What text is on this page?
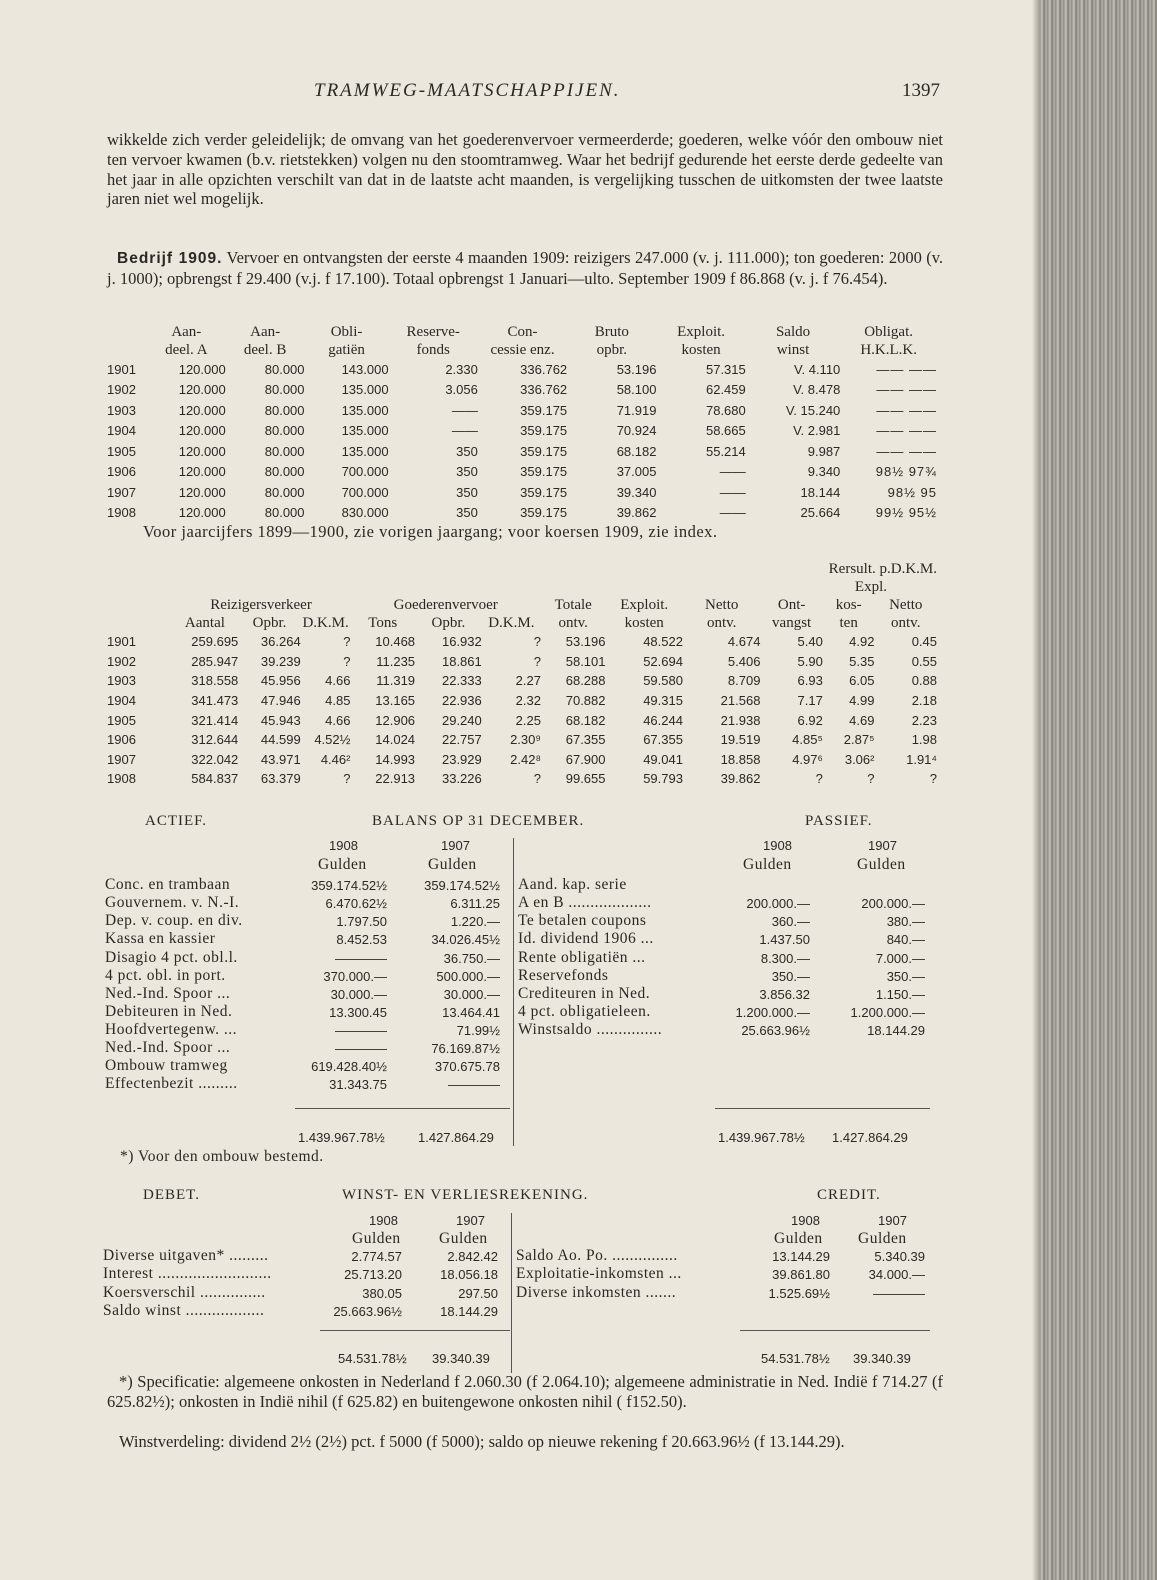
TRAMWEG-MAATSCHAPPIJEN.	1397

wikkelde zich verder geleidelijk; de omvang van het goederenvervoer vermeerderde; goederen, welke vóór den ombouw niet ten vervoer kwamen (b.v. rietstekken) volgen nu den stoomtramweg. Waar het bedrijf gedurende het eerste derde gedeelte van het jaar in alle opzichten verschilt van dat in de laatste acht maanden, is vergelijking tusschen de uitkomsten der twee laatste jaren niet wel mogelijk.

Bedrijf 1909. Vervoer en ontvangsten der eerste 4 maanden 1909: reizigers 247.000 (v. j. 111.000); ton goederen: 2000 (v. j. 1000); opbrengst f 29.400 (v.j. f 17.100). Totaal opbrengst 1 Januari—ulto. September 1909 f 86.868 (v. j. f 76.454).

	Aan-	Aan-	Obli-	Reserve-	Con-	Bruto	Exploit.	Saldo	Obligat.
	deel. A	deel. B	gatiën	fonds	cessie enz.	opbr.	kosten	winst	H.K.L.K.
1901	120.000	80.000	143.000	2.330	336.762	53.196	57.315	V. 4.110	—— ——
1902	120.000	80.000	135.000	3.056	336.762	58.100	62.459	V. 8.478	—— ——
1903	120.000	80.000	135.000	——	359.175	71.919	78.680	V. 15.240	—— ——
1904	120.000	80.000	135.000	——	359.175	70.924	58.665	V. 2.981	—— ——
1905	120.000	80.000	135.000	350	359.175	68.182	55.214	9.987	—— ——
1906	120.000	80.000	700.000	350	359.175	37.005	——	9.340	98½ 97¾
1907	120.000	80.000	700.000	350	359.175	39.340	——	18.144	98½ 95
1908	120.000	80.000	830.000	350	359.175	39.862	——	25.664	99½ 95½
Voor jaarcijfers 1899—1900, zie vorigen jaargang; voor koersen 1909, zie index.
	Rersult. p.D.K.M.											
	Expl.											
	Reizigersverkeer			Goederenvervoer			Totale	Exploit.	Netto	Ont-	kos-	Netto
	Aantal	Opbr.	D.K.M.	Tons	Opbr.	D.K.M.	ontv.	kosten	ontv.	vangst	ten	ontv.
1901	259.695	36.264	?	10.468	16.932	?	53.196	48.522	4.674	5.40	4.92	0.45
1902	285.947	39.239	?	11.235	18.861	?	58.101	52.694	5.406	5.90	5.35	0.55
1903	318.558	45.956	4.66	11.319	22.333	2.27	68.288	59.580	8.709	6.93	6.05	0.88
1904	341.473	47.946	4.85	13.165	22.936	2.32	70.882	49.315	21.568	7.17	4.99	2.18
1905	321.414	45.943	4.66	12.906	29.240	2.25	68.182	46.244	21.938	6.92	4.69	2.23
1906	312.644	44.599	4.52½	14.024	22.757	2.30⁹	67.355	67.355	19.519	4.85⁵	2.87⁵	1.98
1907	322.042	43.971	4.46²	14.993	23.929	2.42⁸	67.900	49.041	18.858	4.97⁶	3.06²	1.91⁴
1908	584.837	63.379	?	22.913	33.226	?	99.655	59.793	39.862	?	?	?
ACTIEF.	BALANS OP 31 DECEMBER.	PASSIEF.
1908	1907	1908	1907
Gulden	Gulden	Gulden	Gulden
Conc. en trambaan	359.174.52½	359.174.52½
Gouvernem. v. N.-I.	6.470.62½	6.311.25
Dep. v. coup. en div.	1.797.50	1.220.—
Kassa en kassier	8.452.53	34.026.45½
Disagio 4 pct. obl.l.	————	36.750.—
4 pct. obl. in port.	370.000.—	500.000.—
Ned.-Ind. Spoor ...	30.000.—	30.000.—
Debiteuren in Ned.	13.300.45	13.464.41
Hoofdvertegenw. ...	————	71.99½
Ned.-Ind. Spoor ...	————	76.169.87½
Ombouw tramweg	619.428.40½	370.675.78
Effectenbezit .........	31.343.75	————
Aand. kap. serie
A en B ...................	200.000.—	200.000.—
Te betalen coupons	360.—	380.—
Id. dividend 1906 ...	1.437.50	840.—
Rente obligatiën ...	8.300.—	7.000.—
Reservefonds	350.—	350.—
Crediteuren in Ned.	3.856.32	1.150.—
4 pct. obligatieleen.	1.200.000.—	1.200.000.—
Winstsaldo ...............	25.663.96½	18.144.29
1.439.967.78½	1.427.864.29	1.439.967.78½ 1.427.864.29
*) Voor den ombouw bestemd.
DEBET.	WINST- EN VERLIESREKENING.	CREDIT.
1908	1907	1908	1907
Gulden Gulden	Gulden Gulden
Diverse uitgaven* .........	2.774.57	2.842.42
Interest ..........................	25.713.20	18.056.18
Koersverschil ...............	380.05	297.50
Saldo winst ..................	25.663.96½	18.144.29
Saldo Ao. Po. ...............	13.144.29	5.340.39
Exploitatie-inkomsten ...	39.861.80	34.000.—
Diverse inkomsten .......	1.525.69½	————
54.531.78½ 39.340.39	54.531.78½ 39.340.39

*) Specificatie: algemeene onkosten in Nederland f 2.060.30 (f 2.064.10); algemeene administratie in Ned. Indië f 714.27 (f 625.82½); onkosten in Indië nihil (f 625.82) en buitengewone onkosten nihil ( f152.50).

Winstverdeling: dividend 2½ (2½) pct. f 5000 (f 5000); saldo op nieuwe rekening f 20.663.96½ (f 13.144.29).
